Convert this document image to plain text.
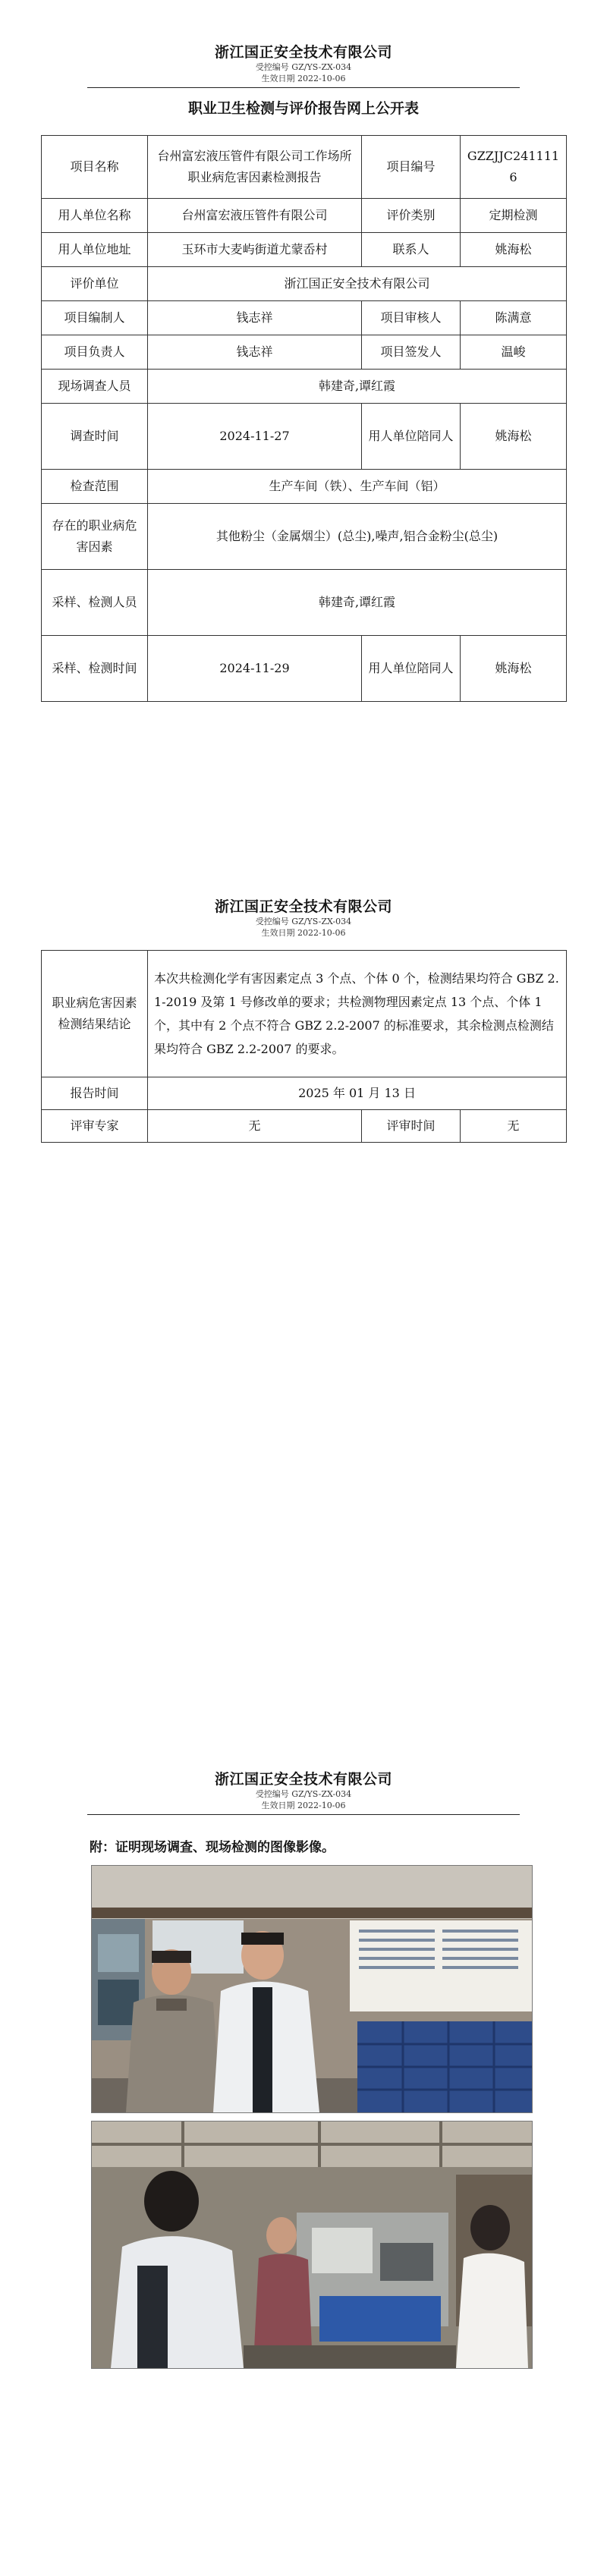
浙江国正安全技术有限公司
受控编号 GZ/YS-ZX-034
生效日期 2022-10-06
职业卫生检测与评价报告网上公开表
项目名称	台州富宏液压管件有限公司工作场所职业病危害因素检测报告	项目编号	GZZJJC2411116
用人单位名称	台州富宏液压管件有限公司	评价类别	定期检测
用人单位地址	玉环市大麦屿街道尤蒙岙村	联系人	姚海松
评价单位	浙江国正安全技术有限公司		
项目编制人	钱志祥	项目审核人	陈满意
项目负责人	钱志祥	项目签发人	温峻
现场调查人员	韩建奇,谭红霞		
调查时间	2024-11-27	用人单位陪同人	姚海松
检查范围	生产车间（铁）、生产车间（铝）		
存在的职业病危害因素	其他粉尘（金属烟尘）(总尘),噪声,铝合金粉尘(总尘)		
采样、检测人员	韩建奇,谭红霞		
采样、检测时间	2024-11-29	用人单位陪同人	姚海松
浙江国正安全技术有限公司
受控编号 GZ/YS-ZX-034
生效日期 2022-10-06
职业病危害因素检测结果结论	本次共检测化学有害因素定点 3 个点、个体 0 个，检测结果均符合 GBZ 2.1-2019 及第 1 号修改单的要求；共检测物理因素定点 13 个点、个体 1 个，其中有 2 个点不符合 GBZ 2.2-2007 的标准要求，其余检测点检测结果均符合 GBZ 2.2-2007 的要求。		
报告时间	2025 年 01 月 13 日		
评审专家	无	评审时间	无
浙江国正安全技术有限公司
受控编号 GZ/YS-ZX-034
生效日期 2022-10-06
附：证明现场调查、现场检测的图像影像。
